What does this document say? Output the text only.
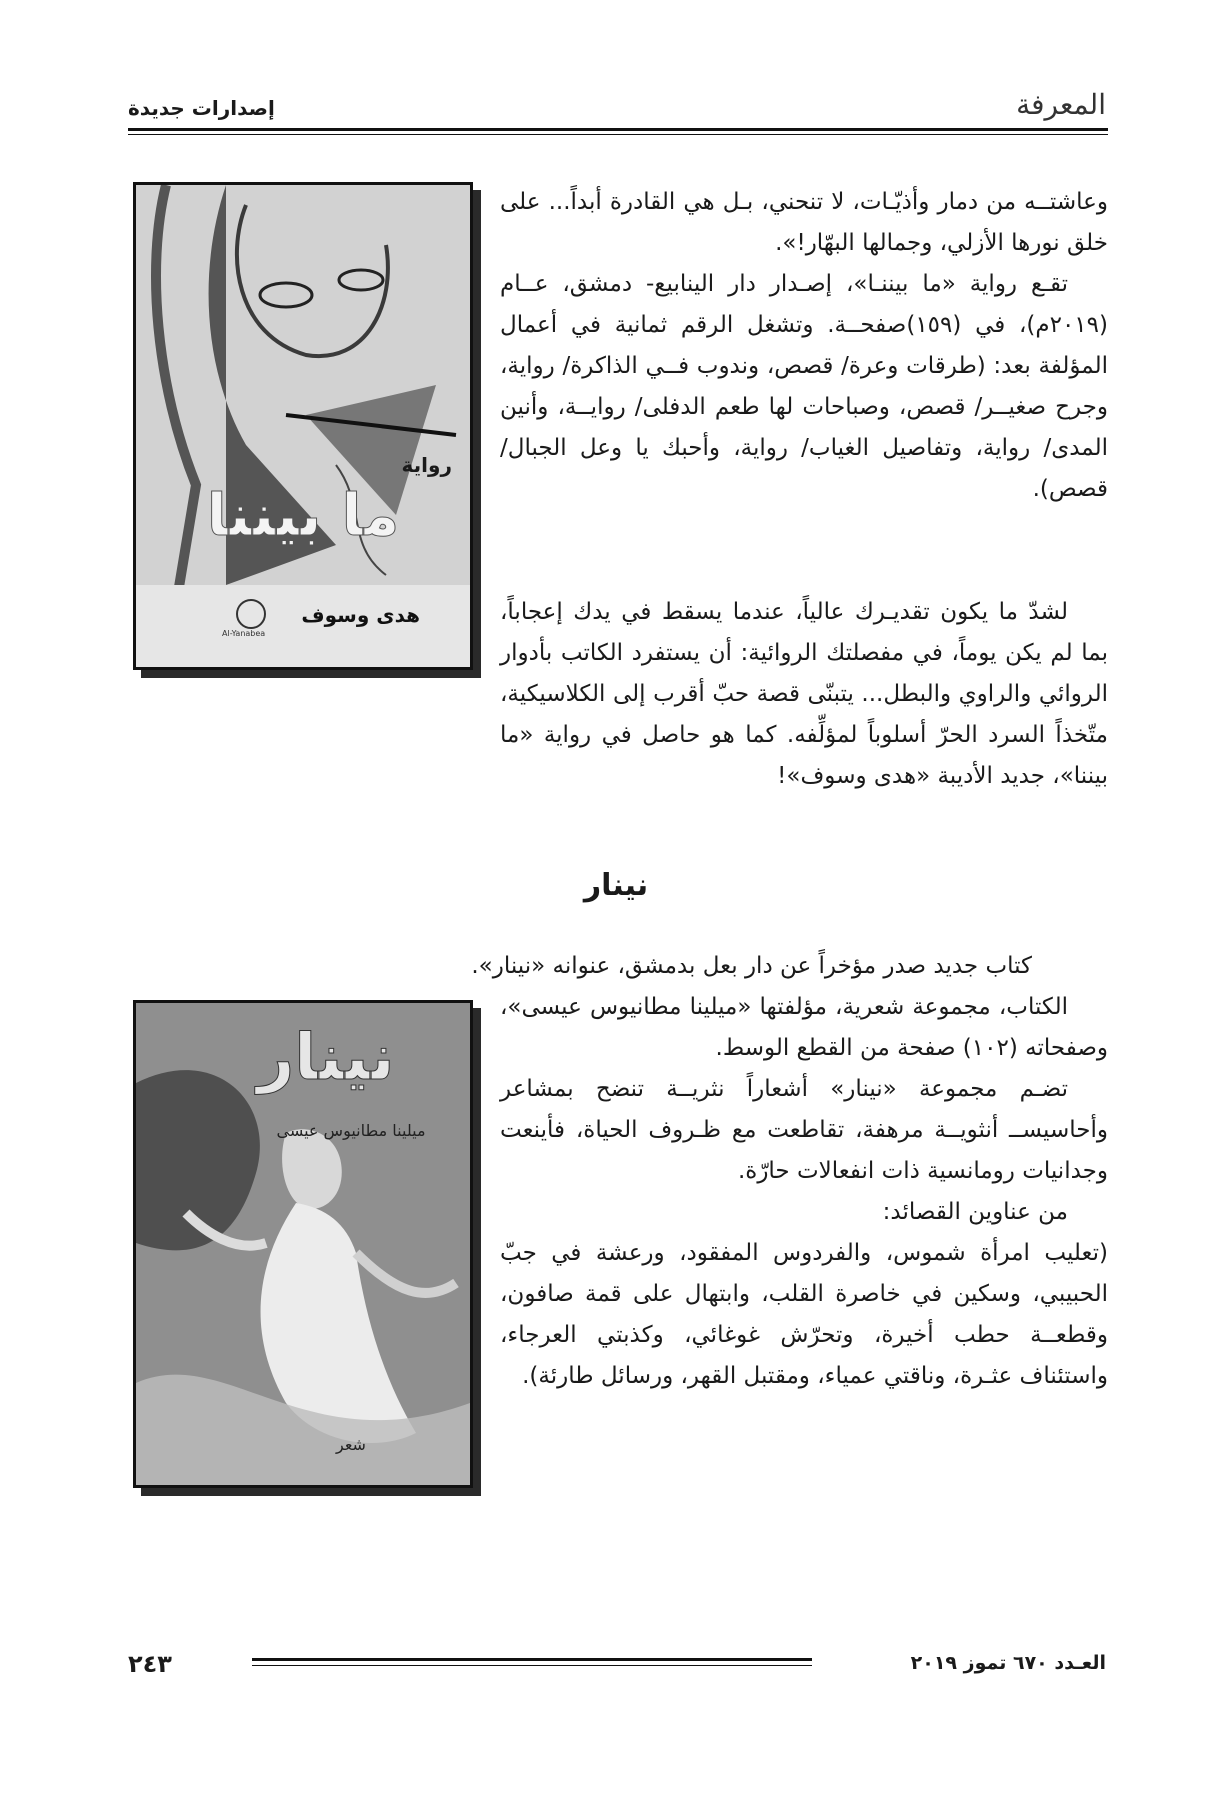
إصدارات جديدة	المعرفة

وعاشتــه من دمار وأذيّـات، لا تنحني، بـل هي القادرة أبداً... على خلق نورها الأزلي، وجمالها البهّار!».

تقـع رواية «ما بيننـا»، إصـدار دار الينابيع- دمشق، عــام (٢٠١٩م)، في (١٥٩)صفحــة. وتشغل الرقم ثمانية في أعمال المؤلفة بعد: (طرقات وعرة/ قصص، وندوب فــي الذاكرة/ رواية، وجرح صغيــر/ قصص، وصباحات لها طعم الدفلى/ روايــة، وأنين المدى/ رواية، وتفاصيل الغياب/ رواية، وأحبك يا وعل الجبال/ قصص).

لشدّ ما يكون تقديـرك عالياً، عندما يسقط في يدك إعجاباً، بما لم يكن يوماً، في مفصلتك الروائية: أن يستفرد الكاتب بأدوار الروائي والراوي والبطل... يتبنّى قصة حبّ أقرب إلى الكلاسيكية، متّخذاً السرد الحرّ أسلوباً لمؤلِّفه. كما هو حاصل في رواية «ما بيننا»، جديد الأديبة «هدى وسوف»!

رواية
ما بيننا
هدى وسوف
Al-Yanabea
نينار

كتاب جديد صدر مؤخراً عن دار بعل بدمشق، عنوانه «نينار».

الكتاب، مجموعة شعرية، مؤلفتها «ميلينا مطانيوس عيسى»، وصفحاته (١٠٢) صفحة من القطع الوسط.

تضـم مجموعة «نينار» أشعاراً نثريــة تنضح بمشاعر وأحاسيســ أنثويــة مرهفة، تقاطعت مع ظـروف الحياة، فأينعت وجدانيات رومانسية ذات انفعالات حارّة.

من عناوين القصائد:

(تعليب امرأة شموس، والفردوس المفقود، ورعشة في جبّ الحبيبي، وسكين في خاصرة القلب، وابتهال على قمة صافون، وقطعــة حطب أخيرة، وتحرّش غوغائي، وكذبتي العرجاء، واستئناف عثـرة، وناقتي عمياء، ومقتبل القهر، ورسائل طارئة).

نينار
ميلينا مطانيوس عيسى
شعر
٢٤٣	العـدد ٦٧٠ تموز ٢٠١٩
